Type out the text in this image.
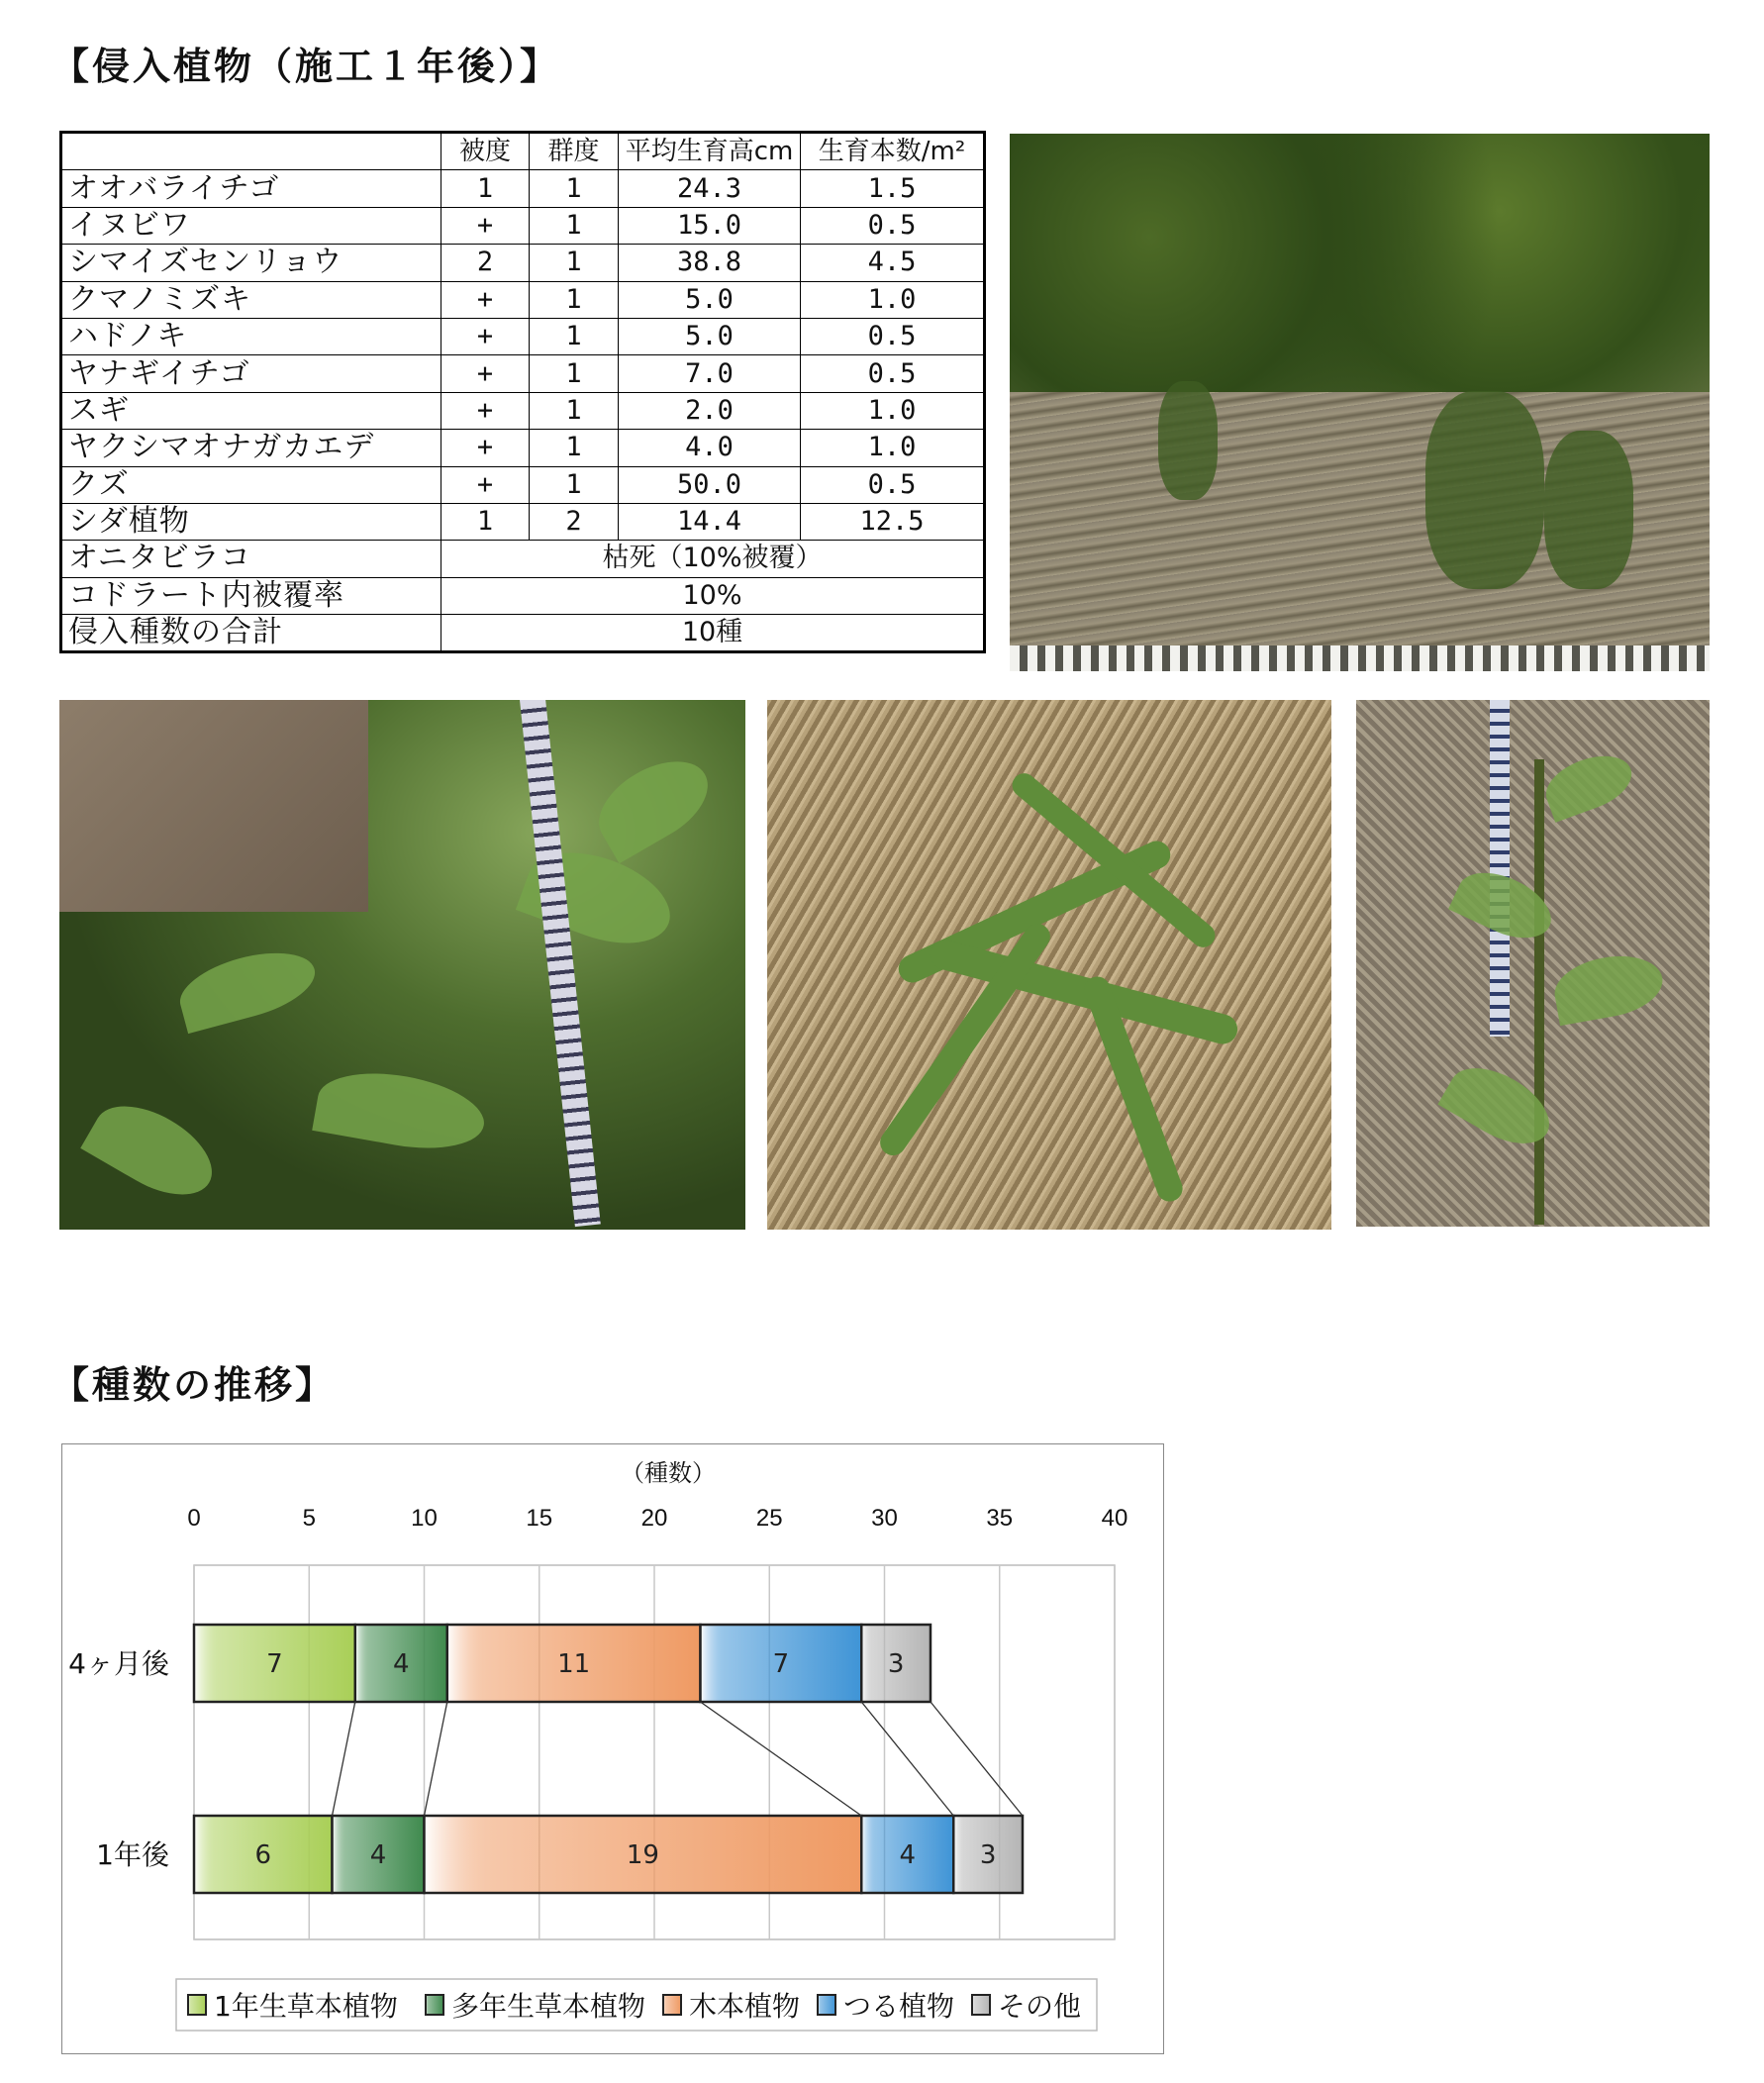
【侵入植物（施工１年後）】
	被度	群度	平均生育高cm	生育本数/m²
オオバライチゴ	1	1	24.3	1.5
イヌビワ	+	1	15.0	0.5
シマイズセンリョウ	2	1	38.8	4.5
クマノミズキ	+	1	5.0	1.0
ハドノキ	+	1	5.0	0.5
ヤナギイチゴ	+	1	7.0	0.5
スギ	+	1	2.0	1.0
ヤクシマオナガカエデ	+	1	4.0	1.0
クズ	+	1	50.0	0.5
シダ植物	1	2	14.4	12.5
オニタビラコ	枯死（10%被覆）			
コドラート内被覆率	10%			
侵入種数の合計	10種			
【種数の推移】
0	5	10	15	20	25	30	35	40
（種数）
4ヶ月後	7	4	11	7	3
1年後	6	4	19	4 3
1年生草本植物 多年生草本植物 木本植物 つる植物 その他
